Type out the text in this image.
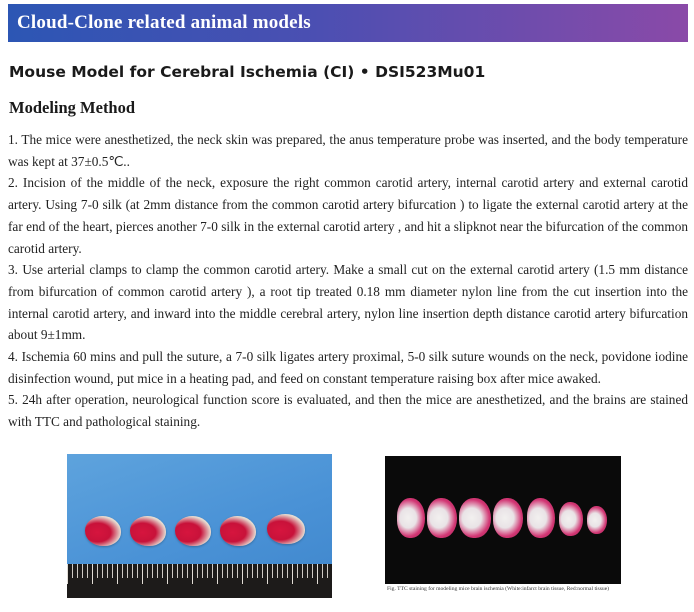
Cloud-Clone related animal models
Mouse Model for Cerebral Ischemia (CI) • DSI523Mu01
Modeling Method

1. The mice were anesthetized, the neck skin was prepared, the anus temperature probe was inserted, and the body temperature was kept at 37±0.5℃..

2. Incision of the middle of the neck, exposure the right common carotid artery, internal carotid artery and external carotid artery. Using 7-0 silk (at 2mm distance from the common carotid artery bifurcation ) to ligate the external carotid artery at the far end of the heart, pierces another 7-0 silk in the external carotid artery , and hit a slipknot near the bifurcation of the common carotid artery.

3. Use arterial clamps to clamp the common carotid artery. Make a small cut on the external carotid artery (1.5 mm distance from bifurcation of common carotid artery ), a root tip treated 0.18 mm diameter nylon line from the cut insertion into the internal carotid artery, and inward into the middle cerebral artery, nylon line insertion depth distance carotid artery bifurcation about 9±1mm.

4. Ischemia 60 mins and pull the suture, a 7-0 silk ligates artery proximal, 5-0 silk suture wounds on the neck, povidone iodine disinfection wound, put mice in a heating pad, and feed on constant temperature raising box after mice awaked.

5. 24h after operation, neurological function score is evaluated, and then the mice are anesthetized, and the brains are stained with TTC and pathological staining.

Fig. TTC staining for modeling mice brain ischemia (White:infarct brain tissue, Red:normal tissue)
